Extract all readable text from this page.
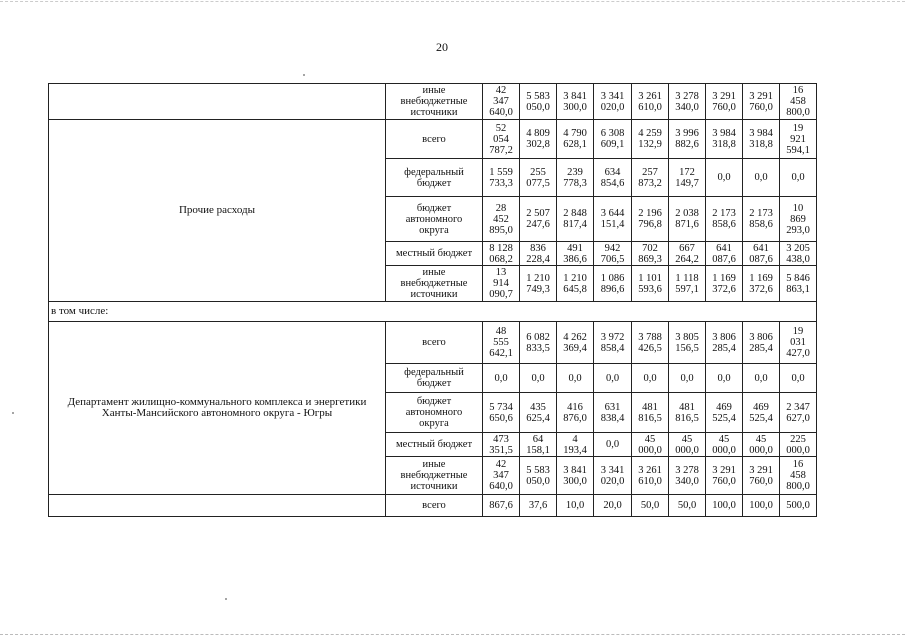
20
	иные
внебюджетные
источники	42
347
640,0	5 583
050,0	3 841
300,0	3 341
020,0	3 261
610,0	3 278
340,0	3 291
760,0	3 291
760,0	16
458
800,0
Прочие расходы	всего	52
054
787,2	4 809
302,8	4 790
628,1	6 308
609,1	4 259
132,9	3 996
882,6	3 984
318,8	3 984
318,8	19
921
594,1
	федеральный
бюджет	1 559
733,3	255
077,5	239
778,3	634
854,6	257
873,2	172
149,7	0,0	0,0	0,0
	бюджет
автономного
округа	28
452
895,0	2 507
247,6	2 848
817,4	3 644
151,4	2 196
796,8	2 038
871,6	2 173
858,6	2 173
858,6	10
869
293,0
	местный бюджет	8 128
068,2	836
228,4	491
386,6	942
706,5	702
869,3	667
264,2	641
087,6	641
087,6	3 205
438,0
	иные
внебюджетные
источники	13
914
090,7	1 210
749,3	1 210
645,8	1 086
896,6	1 101
593,6	1 118
597,1	1 169
372,6	1 169
372,6	5 846
863,1
в том числе:										
Департамент жилищно-коммунального комплекса и энергетики
Ханты-Мансийского автономного округа - Югры	всего	48
555
642,1	6 082
833,5	4 262
369,4	3 972
858,4	3 788
426,5	3 805
156,5	3 806
285,4	3 806
285,4	19
031
427,0
	федеральный
бюджет	0,0	0,0	0,0	0,0	0,0	0,0	0,0	0,0	0,0
	бюджет
автономного
округа	5 734
650,6	435
625,4	416
876,0	631
838,4	481
816,5	481
816,5	469
525,4	469
525,4	2 347
627,0
	местный бюджет	473
351,5	64
158,1	4
193,4	0,0	45
000,0	45
000,0	45
000,0	45
000,0	225
000,0
	иные
внебюджетные
источники	42
347
640,0	5 583
050,0	3 841
300,0	3 341
020,0	3 261
610,0	3 278
340,0	3 291
760,0	3 291
760,0	16
458
800,0
	всего	867,6	37,6	10,0	20,0	50,0	50,0	100,0	100,0	500,0
